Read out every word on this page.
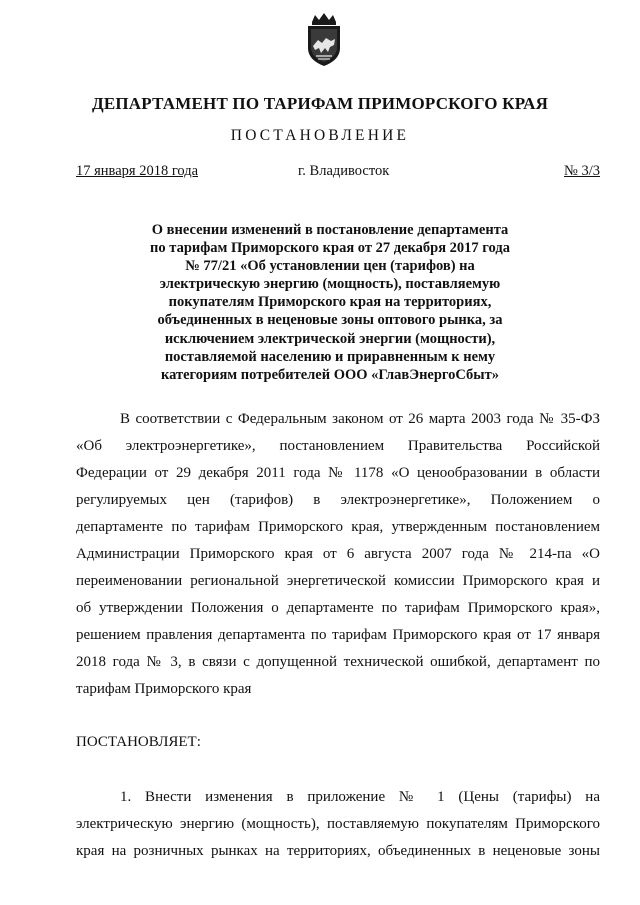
ДЕПАРТАМЕНТ ПО ТАРИФАМ ПРИМОРСКОГО КРАЯ
ПОСТАНОВЛЕНИЕ
17 января 2018 года	г. Владивосток	№ 3/3
О внесении изменений в постановление департамента
по тарифам Приморского края от 27 декабря 2017 года
№ 77/21 «Об установлении цен (тарифов) на
электрическую энергию (мощность), поставляемую
покупателям Приморского края на территориях,
объединенных в неценовые зоны оптового рынка, за
исключением электрической энергии (мощности),
поставляемой населению и приравненным к нему
категориям потребителей ООО «ГлавЭнергоСбыт»
В соответствии с Федеральным законом от 26 марта 2003 года № 35-ФЗ
«Об электроэнергетике», постановлением Правительства Российской
Федерации от 29 декабря 2011 года № 1178 «О ценообразовании в области
регулируемых цен (тарифов) в электроэнергетике», Положением о
департаменте по тарифам Приморского края, утвержденным постановлением
Администрации Приморского края от 6 августа 2007 года № 214-па «О
переименовании региональной энергетической комиссии Приморского края и
об утверждении Положения о департаменте по тарифам Приморского края»,
решением правления департамента по тарифам Приморского края от 17 января
2018 года № 3, в связи с допущенной технической ошибкой, департамент по
тарифам Приморского края
ПОСТАНОВЛЯЕТ:
1. Внести изменения в приложение № 1 (Цены (тарифы) на
электрическую энергию (мощность), поставляемую покупателям Приморского
края на розничных рынках на территориях, объединенных в неценовые зоны
